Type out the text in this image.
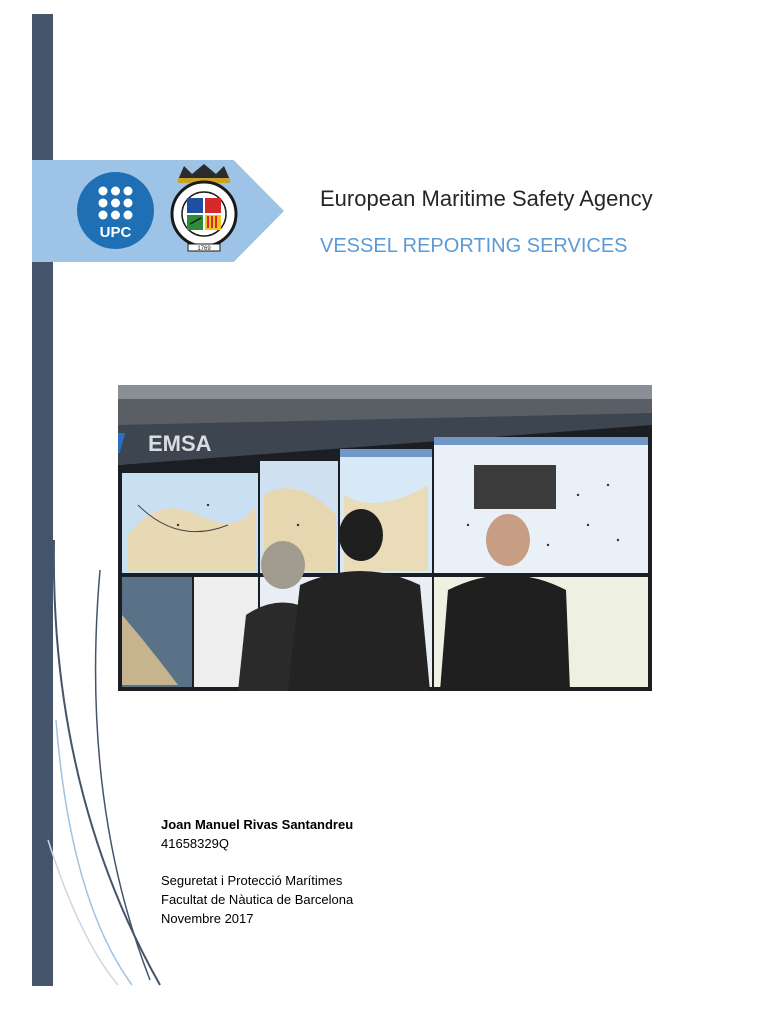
UPC
1769
European Maritime Safety Agency
VESSEL REPORTING SERVICES
EMSA
Joan Manuel Rivas Santandreu
41658329Q
Seguretat i Protecció Marítimes
Facultat de Nàutica de Barcelona
Novembre 2017
